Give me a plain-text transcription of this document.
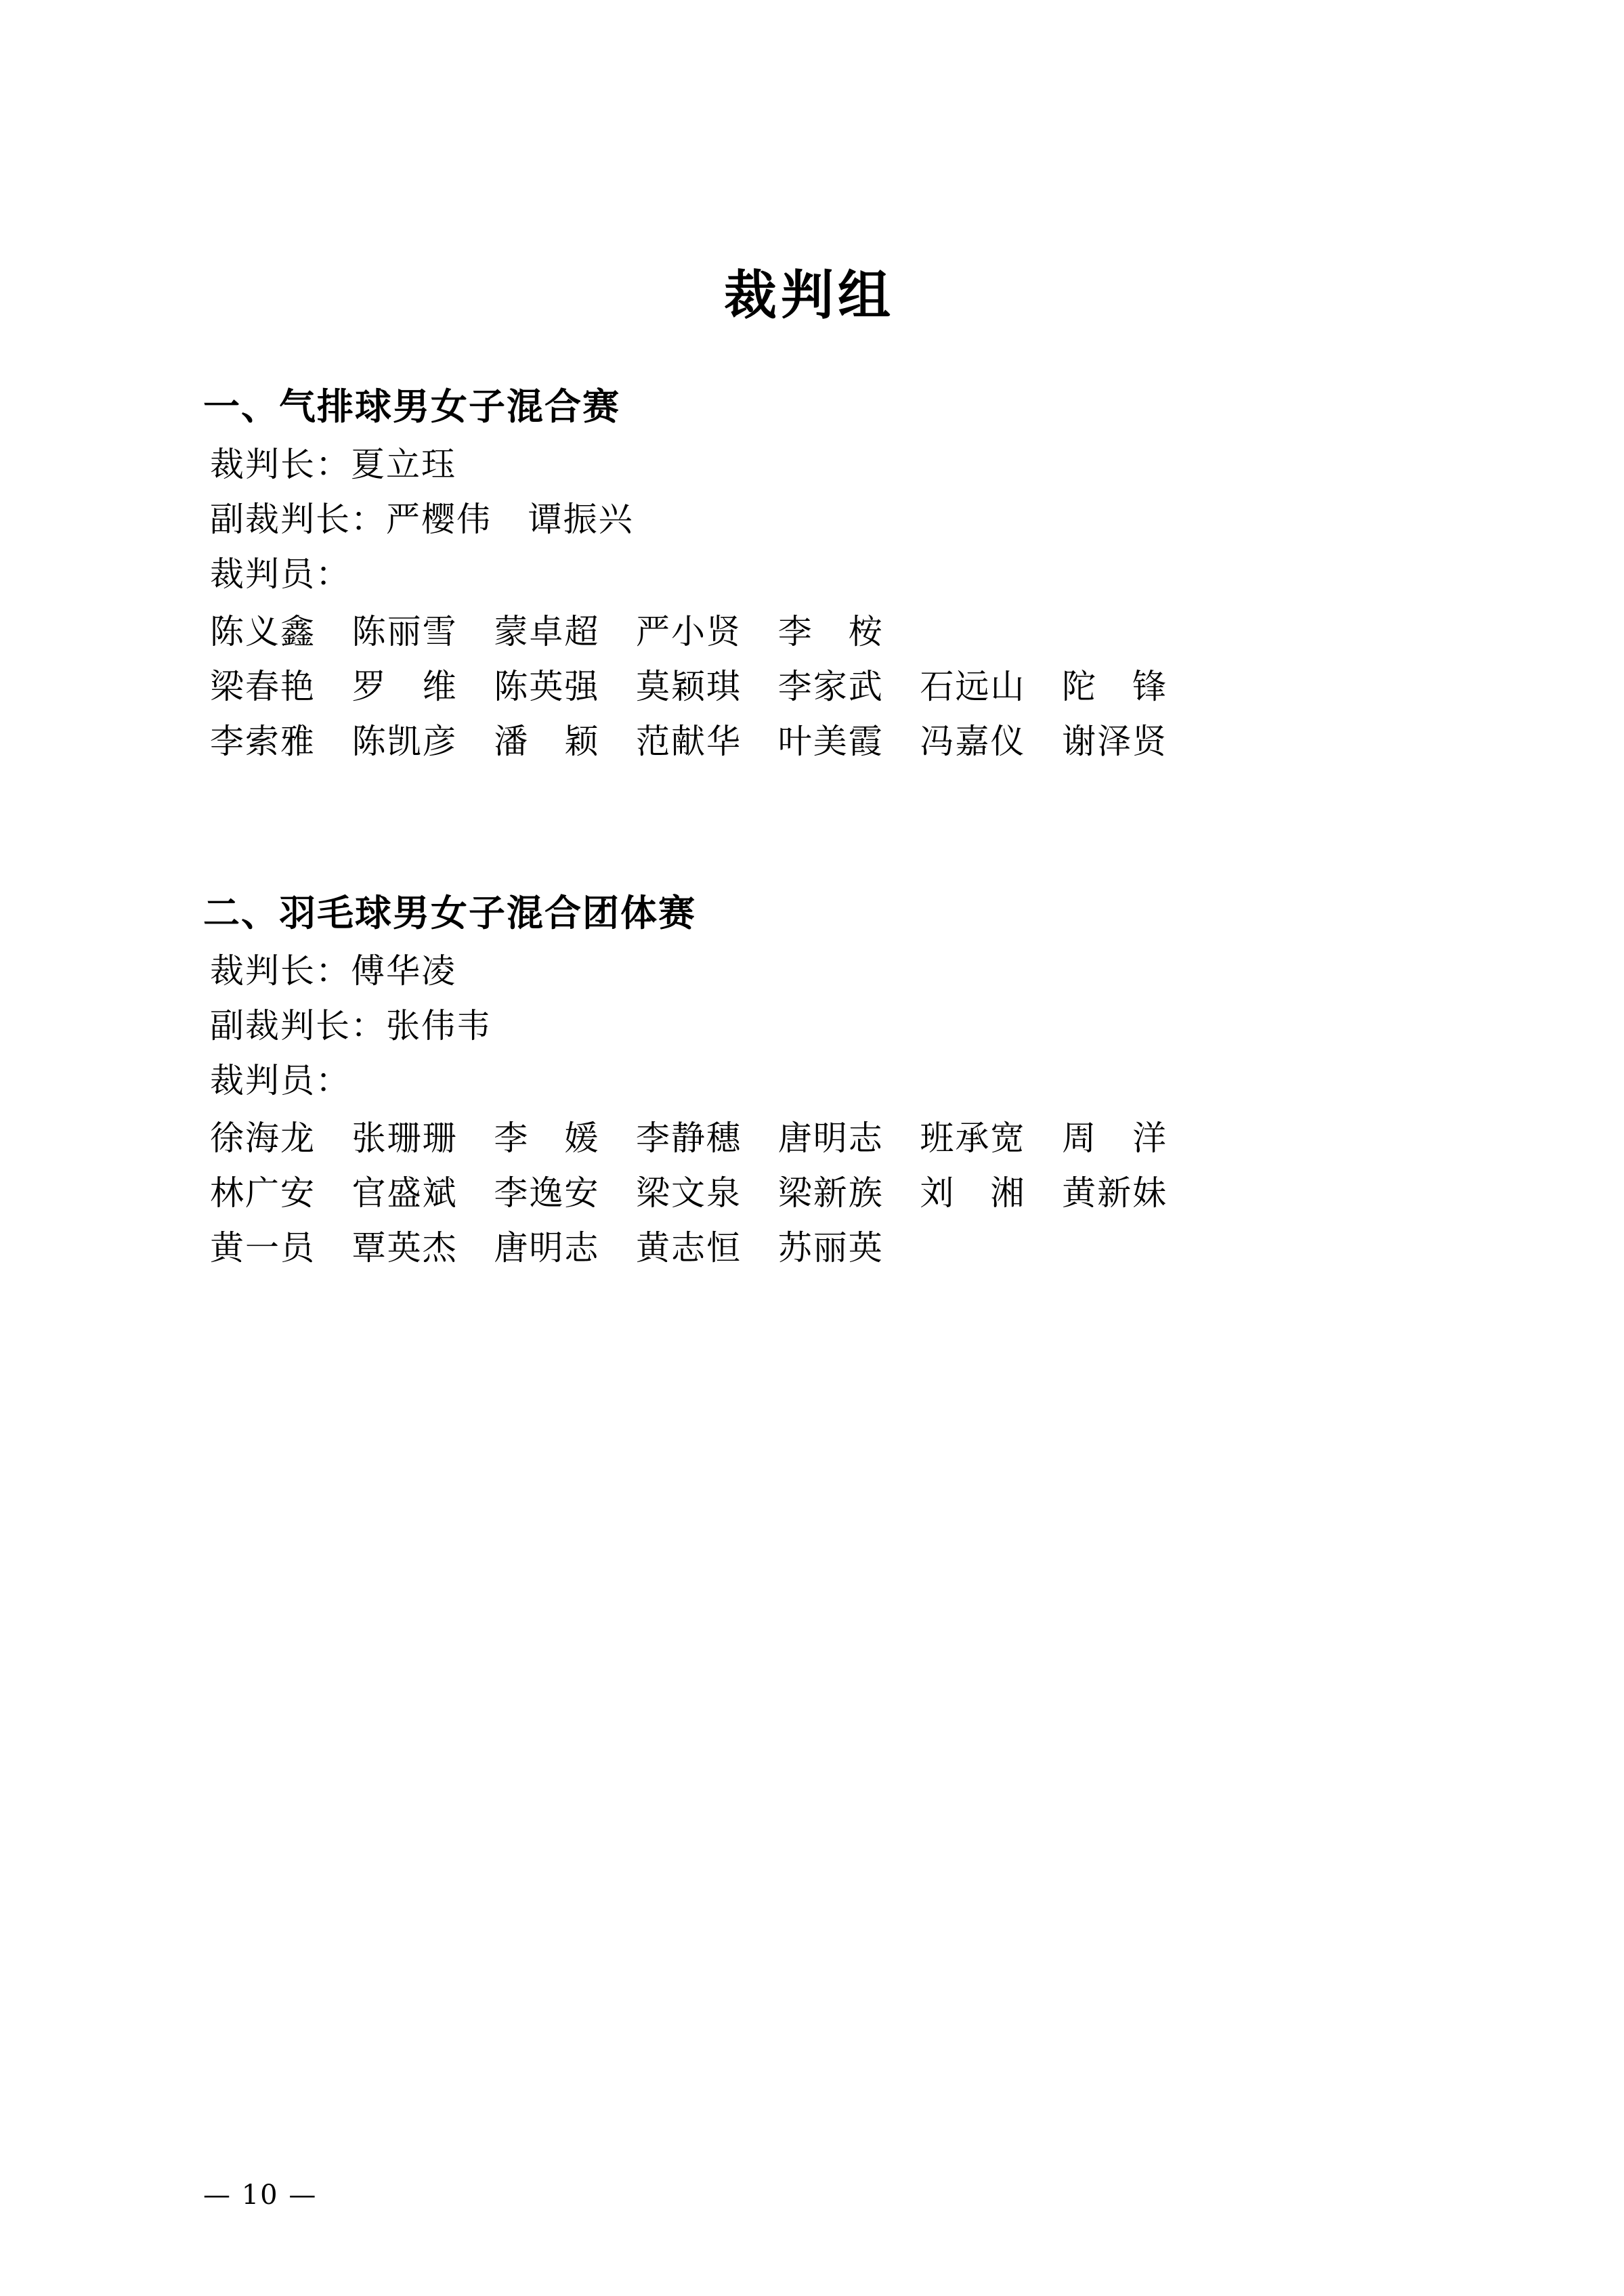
裁判组
一、气排球男女子混合赛

裁判长：夏立珏

副裁判长：严樱伟   谭振兴

裁判员：

陈义鑫   陈丽雪   蒙卓超   严小贤   李　桉

梁春艳   罗　维   陈英强   莫颖琪   李家武   石远山   陀　锋

李索雅   陈凯彦   潘　颖   范献华   叶美霞   冯嘉仪   谢泽贤

二、羽毛球男女子混合团体赛

裁判长：傅华凌

副裁判长：张伟韦

裁判员：

徐海龙   张珊珊   李　媛   李静穗   唐明志   班承宽   周　洋

林广安   官盛斌   李逸安   梁文泉   梁新族   刘　湘   黄新妹

黄一员   覃英杰   唐明志   黄志恒   苏丽英

— 10 —
